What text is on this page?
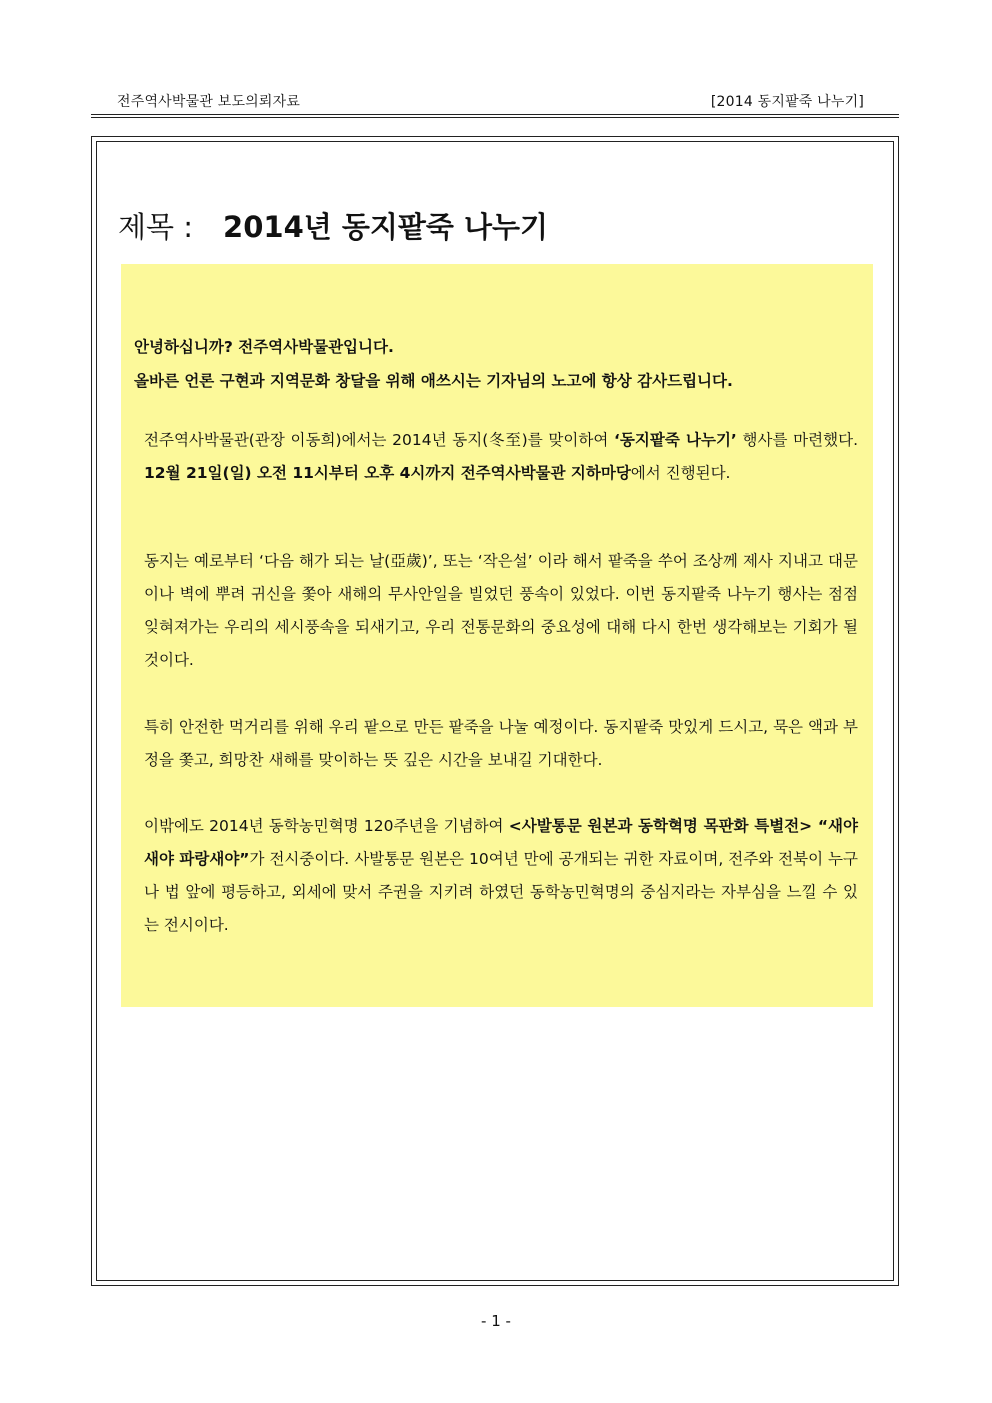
전주역사박물관 보도의뢰자료	[2014 동지팥죽 나누기]
제목 : 2014년 동지팥죽 나누기
안녕하십니까? 전주역사박물관입니다.
올바른 언론 구현과 지역문화 창달을 위해 애쓰시는 기자님의 노고에 항상 감사드립니다.

전주역사박물관(관장 이동희)에서는 2014년 동지(冬至)를 맞이하여 ‘동지팥죽 나누기’ 행사를 마련했다. 12월 21일(일) 오전 11시부터 오후 4시까지 전주역사박물관 지하마당에서 진행된다.

동지는 예로부터 ‘다음 해가 되는 날(亞歲)’, 또는 ‘작은설’ 이라 해서 팥죽을 쑤어 조상께 제사 지내고 대문이나 벽에 뿌려 귀신을 쫓아 새해의 무사안일을 빌었던 풍속이 있었다. 이번 동지팥죽 나누기 행사는 점점 잊혀져가는 우리의 세시풍속을 되새기고, 우리 전통문화의 중요성에 대해 다시 한번 생각해보는 기회가 될 것이다.

특히 안전한 먹거리를 위해 우리 팥으로 만든 팥죽을 나눌 예정이다. 동지팥죽 맛있게 드시고, 묵은 액과 부정을 쫓고, 희망찬 새해를 맞이하는 뜻 깊은 시간을 보내길 기대한다.

이밖에도 2014년 동학농민혁명 120주년을 기념하여 <사발통문 원본과 동학혁명 목판화 특별전> “새야 새야 파랑새야”가 전시중이다. 사발통문 원본은 10여년 만에 공개되는 귀한 자료이며, 전주와 전북이 누구나 법 앞에 평등하고, 외세에 맞서 주권을 지키려 하였던 동학농민혁명의 중심지라는 자부심을 느낄 수 있는 전시이다.

- 1 -
